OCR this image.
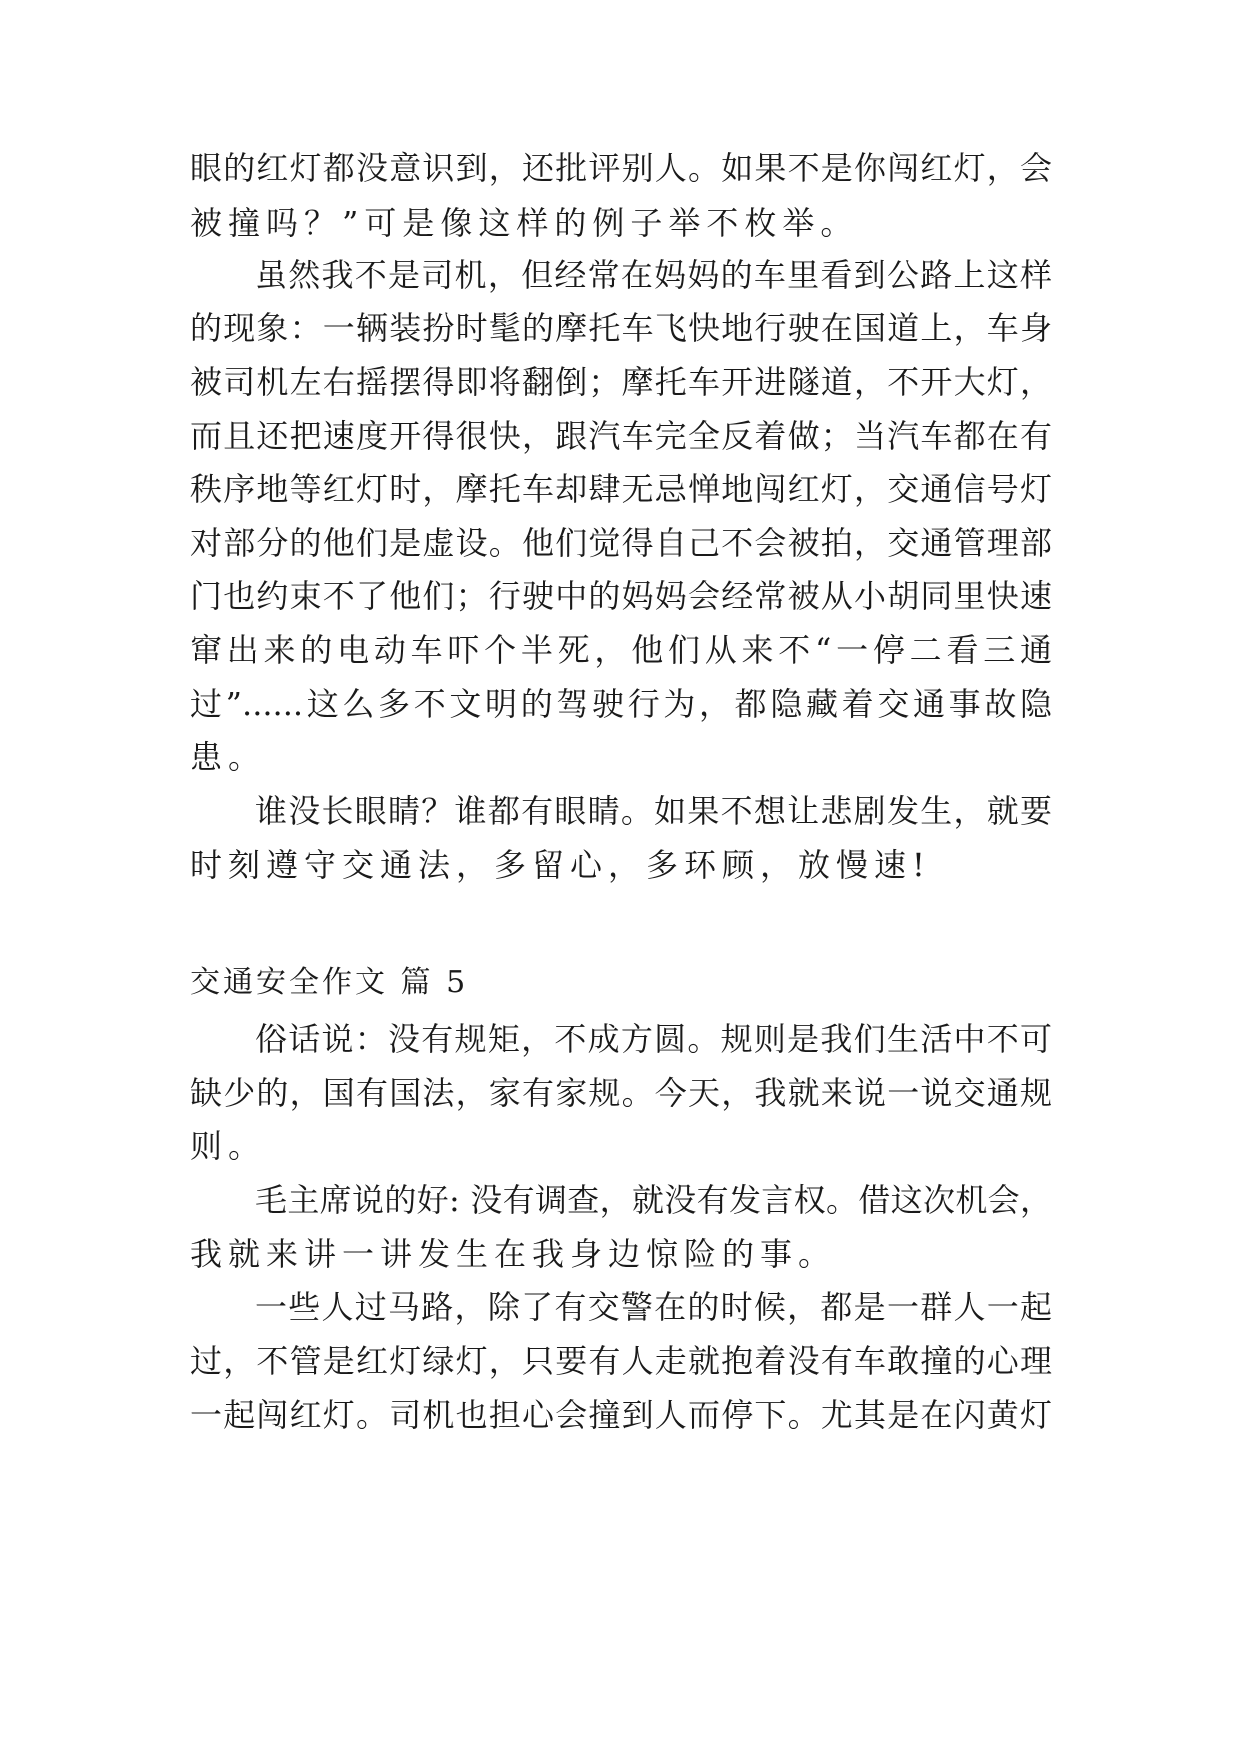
眼的红灯都没意识到，还批评别人。如果不是你闯红灯，会
被撞吗？”可是像这样的例子举不枚举。
虽然我不是司机，但经常在妈妈的车里看到公路上这样
的现象：一辆装扮时髦的摩托车飞快地行驶在国道上，车身
被司机左右摇摆得即将翻倒；摩托车开进隧道，不开大灯，
而且还把速度开得很快，跟汽车完全反着做；当汽车都在有
秩序地等红灯时，摩托车却肆无忌惮地闯红灯，交通信号灯
对部分的他们是虚设。他们觉得自己不会被拍，交通管理部
门也约束不了他们；行驶中的妈妈会经常被从小胡同里快速
窜出来的电动车吓个半死，他们从来不“一停二看三通
过”......这么多不文明的驾驶行为，都隐藏着交通事故隐
患。
谁没长眼睛？谁都有眼睛。如果不想让悲剧发生，就要
时刻遵守交通法，多留心，多环顾，放慢速!
交通安全作文 篇 5
俗话说：没有规矩，不成方圆。规则是我们生活中不可
缺少的，国有国法，家有家规。今天，我就来说一说交通规
则。
毛主席说的好: 没有调查，就没有发言权。借这次机会，
我就来讲一讲发生在我身边惊险的事。
一些人过马路，除了有交警在的时候，都是一群人一起
过，不管是红灯绿灯，只要有人走就抱着没有车敢撞的心理
一起闯红灯。司机也担心会撞到人而停下。尤其是在闪黄灯
